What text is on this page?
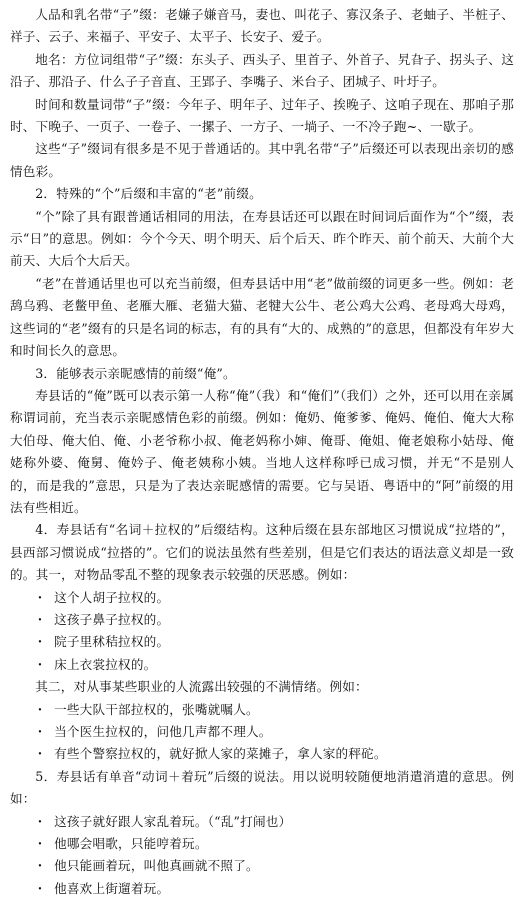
人品和乳名带“子”缀：老嫌子嫌音马，妻也、叫花子、寡汉条子、老蚰子、半桩子、祥子、云子、来福子、平安子、太平子、长安子、爱子。

地名：方位词组带“子”缀：东头子、西头子、里首子、外首子、旯旮子、拐头子、这沿子、那沿子、什么子子音直、王郢子、李嘴子、米台子、团城子、叶圩子。

时间和数量词带“子”缀：今年子、明年子、过年子、挨晚子、这咱子现在、那咱子那时、下晚子、一页子、一卷子、一摞子、一方子、一埫子、一不冷子跑~、一歇子。

这些“子”缀词有很多是不见于普通话的。其中乳名带“子”后缀还可以表现出亲切的感情色彩。

2．特殊的“个”后缀和丰富的“老”前缀。

“个”除了具有跟普通话相同的用法，在寿县话还可以跟在时间词后面作为“个”缀，表示“日”的意思。例如：今个今天、明个明天、后个后天、昨个昨天、前个前天、大前个大前天、大后个大后天。

“老”在普通话里也可以充当前缀，但寿县话中用“老”做前缀的词更多一些。例如：老鸹乌鸦、老鳖甲鱼、老雁大雁、老猫大猫、老犍大公牛、老公鸡大公鸡、老母鸡大母鸡，这些词的“老”缀有的只是名词的标志，有的具有“大的、成熟的”的意思，但都没有年岁大和时间长久的意思。

3．能够表示亲昵感情的前缀“俺”。

寿县话的“俺”既可以表示第一人称“俺”（我）和“俺们”（我们）之外，还可以用在亲属称谓词前，充当表示亲昵感情色彩的前缀。例如：俺奶、俺爹爹、俺妈、俺伯、俺大大称大伯母、俺大伯、俺、小老爷称小叔、俺老妈称小婶、俺哥、俺姐、俺老娘称小姑母、俺姥称外婆、俺舅、俺妗子、俺老姨称小姨。当地人这样称呼已成习惯，并无“不是别人的，而是我的”意思，只是为了表达亲昵感情的需要。它与吴语、粤语中的“阿”前缀的用法有些相近。

4．寿县话有“名词＋拉权的”后缀结构。这种后缀在县东部地区习惯说成“拉塔的”，县西部习惯说成“拉搭的”。它们的说法虽然有些差别，但是它们表达的语法意义却是一致的。其一，对物品零乱不整的现象表示较强的厌恶感。例如：

· 这个人胡子拉权的。

· 这孩子鼻子拉权的。

· 院子里秫秸拉权的。

· 床上衣裳拉权的。

其二，对从事某些职业的人流露出较强的不满情绪。例如：

· 一些大队干部拉权的，张嘴就嘱人。

· 当个医生拉权的，问他几声都不理人。

· 有些个警察拉权的，就好掀人家的菜摊子，拿人家的秤砣。

5．寿县话有单音“动词＋着玩”后缀的说法。用以说明较随便地消遣消遣的意思。例如：

· 这孩子就好跟人家乱着玩。（“乱”打闹也）

· 他哪会唱歌，只能哼着玩。

· 他只能画着玩，叫他真画就不照了。

· 他喜欢上街遛着玩。
